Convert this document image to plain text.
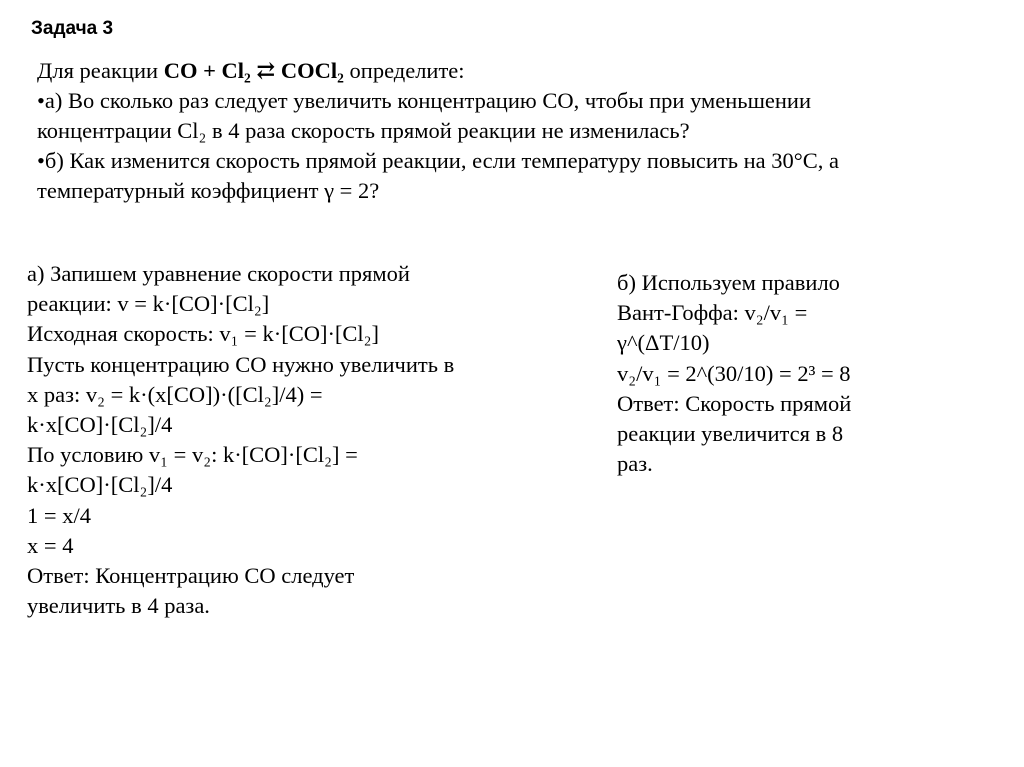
Задача 3
Для реакции CO + Cl₂ ⇄ COCl₂ определите:
•а) Во сколько раз следует увеличить концентрацию CO, чтобы при уменьшении
концентрации Cl₂ в 4 раза скорость прямой реакции не изменилась?
•б) Как изменится скорость прямой реакции, если температуру повысить на 30°C, а
температурный коэффициент γ = 2?
а) Запишем уравнение скорости прямой
реакции: v = k·[CO]·[Cl₂]
Исходная скорость: v₁ = k·[CO]·[Cl₂]
Пусть концентрацию CO нужно увеличить в
x раз: v₂ = k·(x[CO])·([Cl₂]/4) =
k·x[CO]·[Cl₂]/4
По условию v₁ = v₂: k·[CO]·[Cl₂] =
k·x[CO]·[Cl₂]/4
1 = x/4
x = 4
Ответ: Концентрацию CO следует
увеличить в 4 раза.
б) Используем правило
Вант-Гоффа: v₂/v₁ =
γ^(ΔT/10)
v₂/v₁ = 2^(30/10) = 2³ = 8
Ответ: Скорость прямой
реакции увеличится в 8
раз.
